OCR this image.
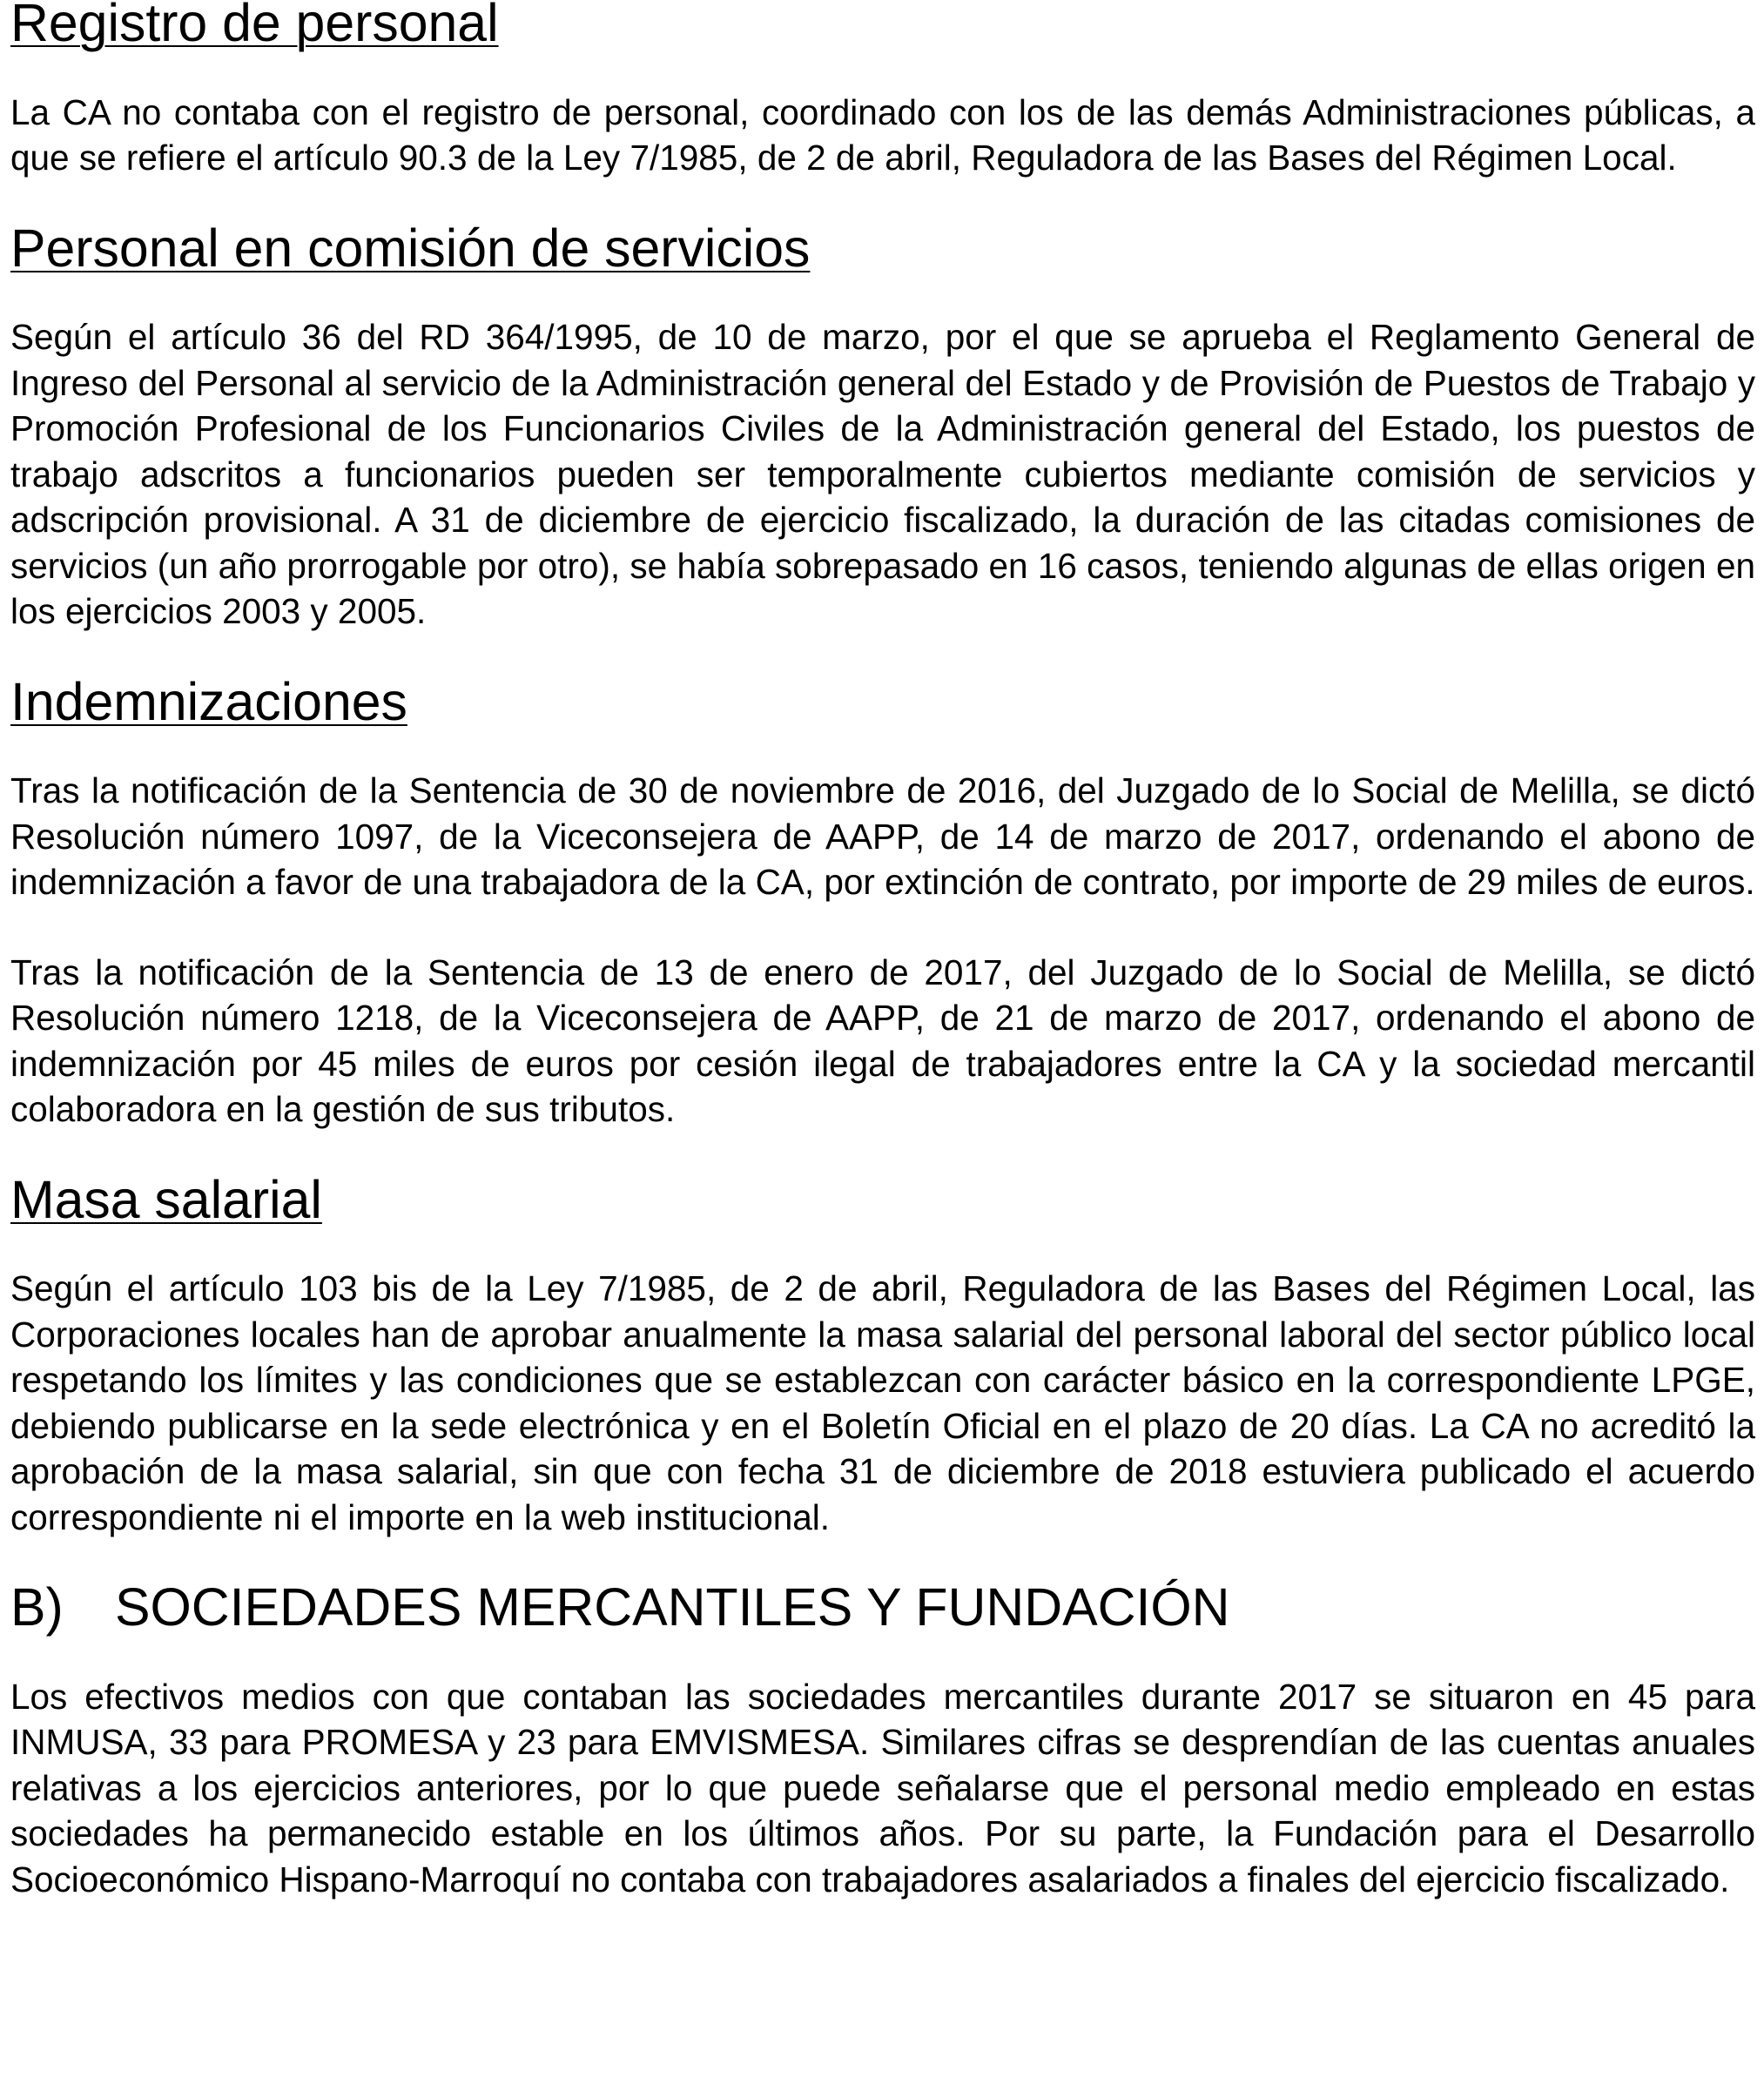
Registro de personal

La CA no contaba con el registro de personal, coordinado con los de las demás Administraciones públicas, a que se refiere el artículo 90.3 de la Ley 7/1985, de 2 de abril, Reguladora de las Bases del Régimen Local.

Personal en comisión de servicios

Según el artículo 36 del RD 364/1995, de 10 de marzo, por el que se aprueba el Reglamento General de Ingreso del Personal al servicio de la Administración general del Estado y de Provisión de Puestos de Trabajo y Promoción Profesional de los Funcionarios Civiles de la Administración general del Estado, los puestos de trabajo adscritos a funcionarios pueden ser temporalmente cubiertos mediante comisión de servicios y adscripción provisional. A 31 de diciembre de ejercicio fiscalizado, la duración de las citadas comisiones de servicios (un año prorrogable por otro), se había sobrepasado en 16 casos, teniendo algunas de ellas origen en los ejercicios 2003 y 2005.

Indemnizaciones

Tras la notificación de la Sentencia de 30 de noviembre de 2016, del Juzgado de lo Social de Melilla, se dictó Resolución número 1097, de la Viceconsejera de AAPP, de 14 de marzo de 2017, ordenando el abono de indemnización a favor de una trabajadora de la CA, por extinción de contrato, por importe de 29 miles de euros.

Tras la notificación de la Sentencia de 13 de enero de 2017, del Juzgado de lo Social de Melilla, se dictó Resolución número 1218, de la Viceconsejera de AAPP, de 21 de marzo de 2017, ordenando el abono de indemnización por 45 miles de euros por cesión ilegal de trabajadores entre la CA y la sociedad mercantil colaboradora en la gestión de sus tributos.

Masa salarial

Según el artículo 103 bis de la Ley 7/1985, de 2 de abril, Reguladora de las Bases del Régimen Local, las Corporaciones locales han de aprobar anualmente la masa salarial del personal laboral del sector público local respetando los límites y las condiciones que se establezcan con carácter básico en la correspondiente LPGE, debiendo publicarse en la sede electrónica y en el Boletín Oficial en el plazo de 20 días. La CA no acreditó la aprobación de la masa salarial, sin que con fecha 31 de diciembre de 2018 estuviera publicado el acuerdo correspondiente ni el importe en la web institucional.

B) SOCIEDADES MERCANTILES Y FUNDACIÓN

Los efectivos medios con que contaban las sociedades mercantiles durante 2017 se situaron en 45 para INMUSA, 33 para PROMESA y 23 para EMVISMESA. Similares cifras se desprendían de las cuentas anuales relativas a los ejercicios anteriores, por lo que puede señalarse que el personal medio empleado en estas sociedades ha permanecido estable en los últimos años. Por su parte, la Fundación para el Desarrollo Socioeconómico Hispano-Marroquí no contaba con trabajadores asalariados a finales del ejercicio fiscalizado.
